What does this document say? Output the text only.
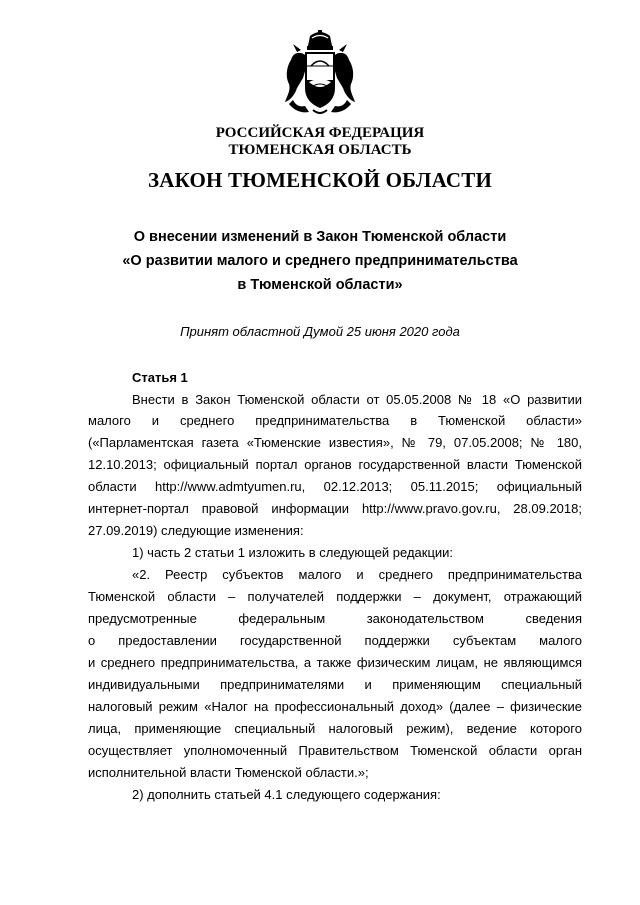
РОССИЙСКАЯ ФЕДЕРАЦИЯ
ТЮМЕНСКАЯ ОБЛАСТЬ
ЗАКОН ТЮМЕНСКОЙ ОБЛАСТИ
О внесении изменений в Закон Тюменской области
«О развитии малого и среднего предпринимательства
в Тюменской области»
Принят областной Думой 25 июня 2020 года
Статья 1
Внести в Закон Тюменской области от 05.05.2008 № 18 «О развитии
малого и среднего предпринимательства в Тюменской области»
(«Парламентская газета «Тюменские известия», № 79, 07.05.2008; № 180,
12.10.2013; официальный портал органов государственной власти Тюменской
области http://www.admtyumen.ru, 02.12.2013; 05.11.2015; официальный
интернет-портал правовой информации http://www.pravo.gov.ru, 28.09.2018;
27.09.2019) следующие изменения:
1) часть 2 статьи 1 изложить в следующей редакции:
«2. Реестр субъектов малого и среднего предпринимательства
Тюменской области – получателей поддержки – документ, отражающий
предусмотренные федеральным законодательством сведения
о предоставлении государственной поддержки субъектам малого
и среднего предпринимательства, а также физическим лицам, не являющимся
индивидуальными предпринимателями и применяющим специальный
налоговый режим «Налог на профессиональный доход» (далее – физические
лица, применяющие специальный налоговый режим), ведение которого
осуществляет уполномоченный Правительством Тюменской области орган
исполнительной власти Тюменской области.»;
2) дополнить статьей 4.1 следующего содержания:
